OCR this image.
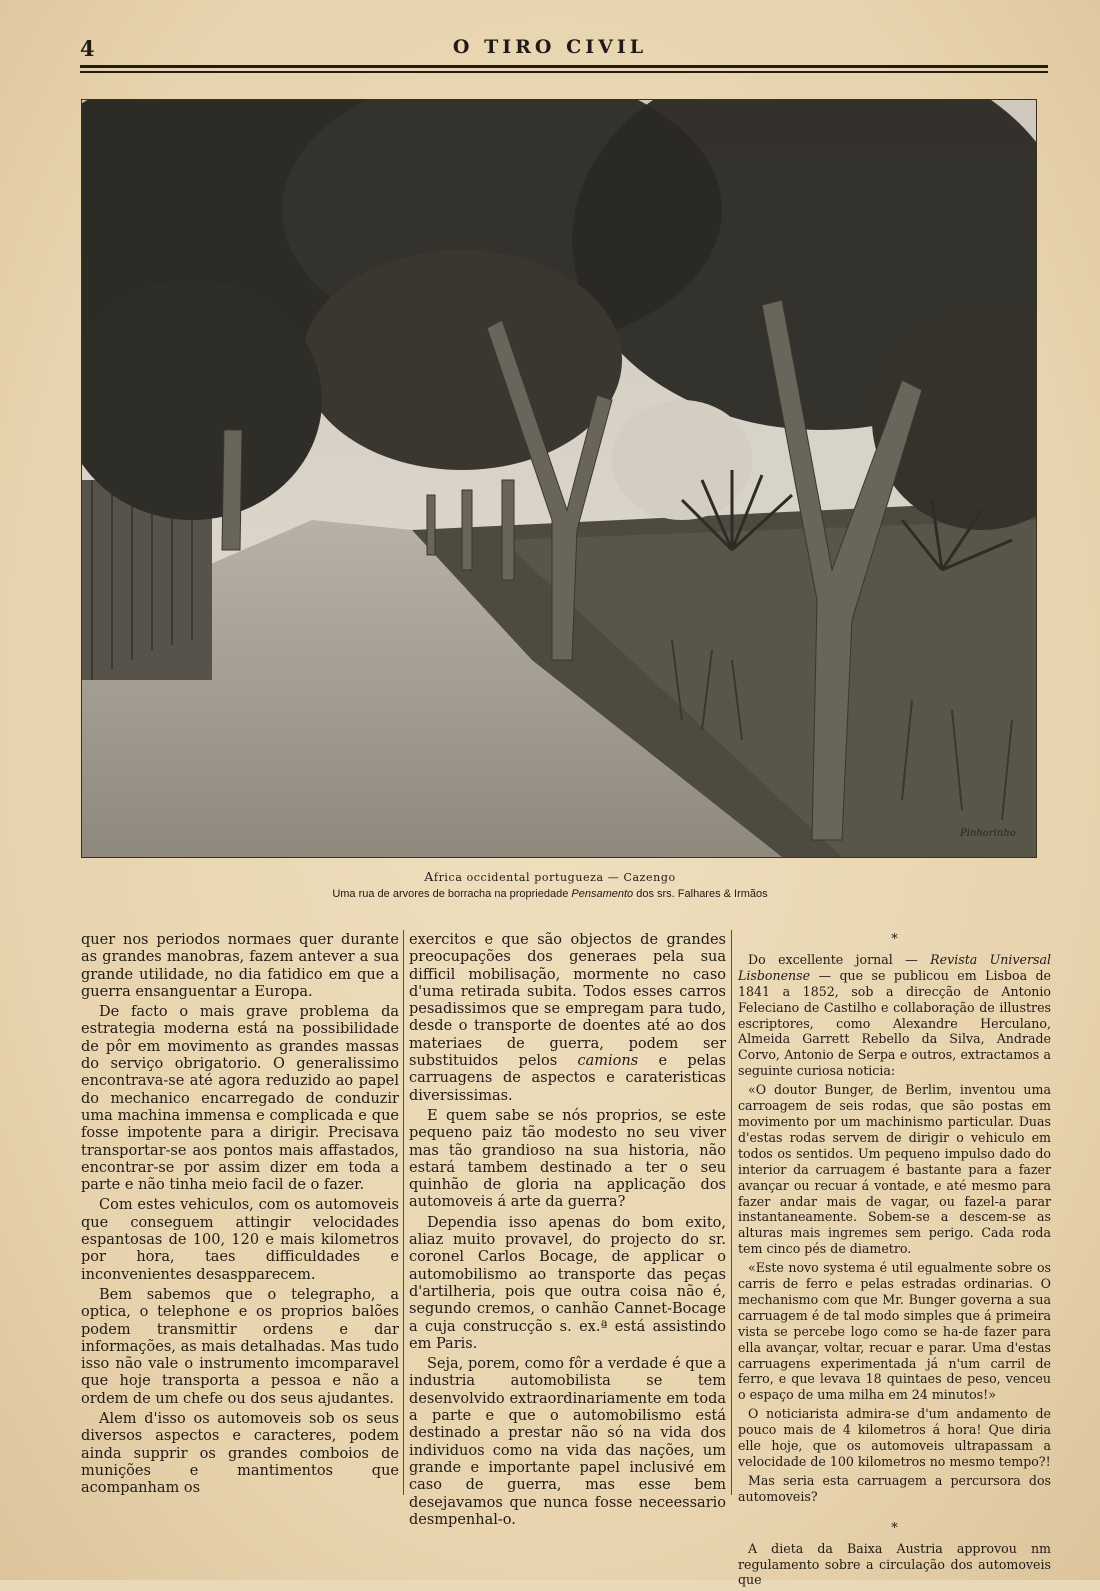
4	O TIRO CIVIL
Pinhorinho
Africa occidental portugueza — Cazengo
Uma rua de arvores de borracha na propriedade Pensamento dos srs. Falhares & Irmãos

quer nos periodos normaes quer durante as grandes manobras, fazem antever a sua grande utilidade, no dia fatidico em que a guerra ensanguentar a Europa.

De facto o mais grave problema da estrategia moderna está na possibilidade de pôr em movimento as grandes massas do serviço obrigatorio. O generalissimo encontrava-se até agora reduzido ao papel do mechanico encarregado de conduzir uma machina immensa e complicada e que fosse impotente para a dirigir. Precisava transportar-se aos pontos mais affastados, encontrar-se por assim dizer em toda a parte e não tinha meio facil de o fazer.

Com estes vehiculos, com os automoveis que conseguem attingir velocidades espantosas de 100, 120 e mais kilometros por hora, taes difficuldades e inconvenientes desaspparecem.

Bem sabemos que o telegrapho, a optica, o telephone e os proprios balões podem transmittir ordens e dar informações, as mais detalhadas. Mas tudo isso não vale o instrumento imcomparavel que hoje transporta a pessoa e não a ordem de um chefe ou dos seus ajudantes.

Alem d'isso os automoveis sob os seus diversos aspectos e caracteres, podem ainda supprir os grandes comboios de munições e mantimentos que acompanham os

exercitos e que são objectos de grandes preocupações dos generaes pela sua difficil mobilisação, mormente no caso d'uma retirada subita. Todos esses carros pesadissimos que se empregam para tudo, desde o transporte de doentes até ao dos materiaes de guerra, podem ser substituidos pelos camions e pelas carruagens de aspectos e carateristicas diversissimas.

E quem sabe se nós proprios, se este pequeno paiz tão modesto no seu viver mas tão grandioso na sua historia, não estará tambem destinado a ter o seu quinhão de gloria na applicação dos automoveis á arte da guerra?

Dependia isso apenas do bom exito, aliaz muito provavel, do projecto do sr. coronel Carlos Bocage, de applicar o automobilismo ao transporte das peças d'artilheria, pois que outra coisa não é, segundo cremos, o canhão Cannet-Bocage a cuja construcção s. ex.ª está assistindo em Paris.

Seja, porem, como fôr a verdade é que a industria automobilista se tem desenvolvido extraordinariamente em toda a parte e que o automobilismo está destinado a prestar não só na vida dos individuos como na vida das nações, um grande e importante papel inclusivé em caso de guerra, mas esse bem desejavamos que nunca fosse neceessario desmpenhal-o.

*

Do excellente jornal — Revista Universal Lisbonense — que se publicou em Lisboa de 1841 a 1852, sob a direcção de Antonio Feleciano de Castilho e collaboração de illustres escriptores, como Alexandre Herculano, Almeida Garrett Rebello da Silva, Andrade Corvo, Antonio de Serpa e outros, extractamos a seguinte curiosa noticia:

«O doutor Bunger, de Berlim, inventou uma carroagem de seis rodas, que são postas em movimento por um machinismo particular. Duas d'estas rodas servem de dirigir o vehiculo em todos os sentidos. Um pequeno impulso dado do interior da carruagem é bastante para a fazer avançar ou recuar á vontade, e até mesmo para fazer andar mais de vagar, ou fazel-a parar instantaneamente. Sobem-se a descem-se as alturas mais ingremes sem perigo. Cada roda tem cinco pés de diametro.

«Este novo systema é util egualmente sobre os carris de ferro e pelas estradas ordinarias. O mechanismo com que Mr. Bunger governa a sua carruagem é de tal modo simples que á primeira vista se percebe logo como se ha-de fazer para ella avançar, voltar, recuar e parar. Uma d'estas carruagens experimentada já n'um carril de ferro, e que levava 18 quintaes de peso, venceu o espaço de uma milha em 24 minutos!»

O noticiarista admira-se d'um andamento de pouco mais de 4 kilometros á hora! Que diria elle hoje, que os automoveis ultrapassam a velocidade de 100 kilometros no mesmo tempo?!

Mas seria esta carruagem a percursora dos automoveis?

*

A dieta da Baixa Austria approvou nm regulamento sobre a circulação dos automoveis que
